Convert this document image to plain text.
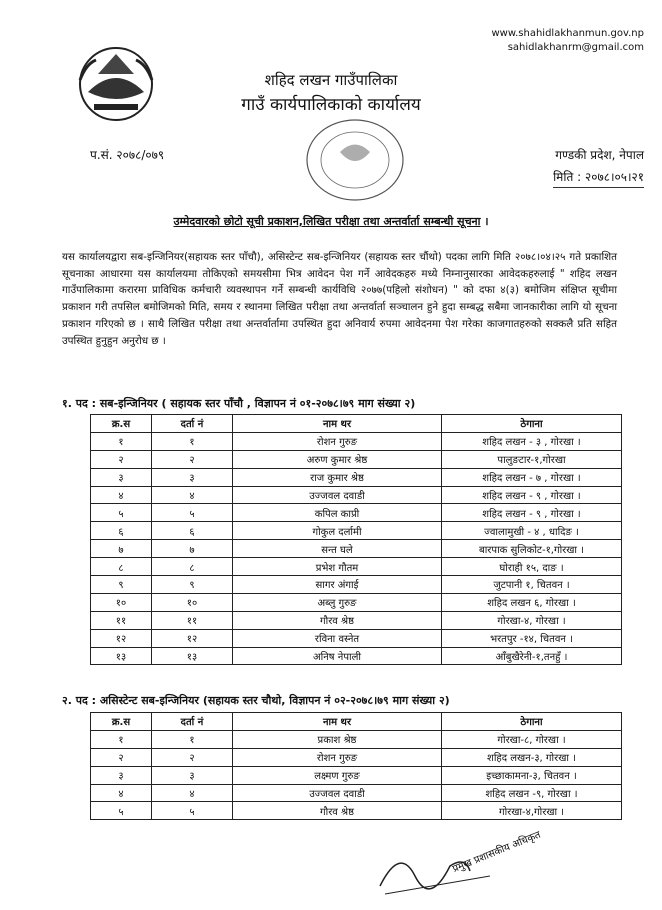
www.shahidlakhanmun.gov.np
sahidlakhanrm@gmail.com
शहिद लखन गाउँपालिका
गाउँ कार्यपालिकाको कार्यालय
प.सं. २०७८/०७९	गण्डकी प्रदेश, नेपाल
मिति : २०७८।०५।२१
उम्मेदवारको छोटो सूची प्रकाशन,लिखित परीक्षा तथा अन्तर्वार्ता सम्बन्धी सूचना ।
यस कार्यालयद्वारा सब-इन्जिनियर(सहायक स्तर पाँचौ), असिस्टेन्ट सब-इन्जिनियर (सहायक स्तर चौंथो) पदका लागि मिति २०७८।०४।२५ गते प्रकाशित सूचनाका आधारमा यस कार्यालयमा तोकिएको समयसीमा भित्र आवेदन पेश गर्ने आवेदकहरु मध्ये निम्नानुसारका आवेदकहरुलाई " शहिद लखन गाउँपालिकामा करारमा प्राविधिक कर्मचारी व्यवस्थापन गर्ने सम्बन्धी कार्यविधि २०७७(पहिलो संशोधन) " को दफा ४(३) बमोजिम संक्षिप्त सूचीमा प्रकाशन गरी तपसिल बमोजिमको मिति, समय र स्थानमा लिखित परीक्षा तथा अन्तर्वार्ता सञ्चालन हुने हुदा सम्बद्ध सबैमा जानकारीका लागि यो सूचना प्रकाशन गरिएको छ । साथै लिखित परीक्षा तथा अन्तर्वार्तामा उपस्थित हुदा अनिवार्य रुपमा आवेदनमा पेश गरेका काजगातहरुको सक्कलै प्रति सहित उपस्थित हुनुहुन अनुरोध छ ।
१. पद : सब-इन्जिनियर ( सहायक स्तर पाँचौ , विज्ञापन नं ०१-२०७८।७९ माग संख्या २)
क्र.स	दर्ता नं	नाम थर	ठेगाना
१	१	रोशन गुरुङ	शहिद लखन - ३ , गोरखा ।
२	२	अरुण कुमार श्रेष्ठ	पालुङटार-१,गोरखा
३	३	राज कुमार श्रेष्ठ	शहिद लखन - ७ , गोरखा ।
४	४	उज्जवल दवाडी	शहिद लखन - ९ , गोरखा ।
५	५	कपिल काप्री	शहिद लखन - ९ , गोरखा ।
६	६	गोकुल दर्लामी	ज्वालामुखी - ४ , धादिङ ।
७	७	सन्त घले	बारपाक सुलिकोट-१,गोरखा ।
८	८	प्रभेश गौतम	घोराही १५, दाङ ।
९	९	सागर अंगाई	जुटपानी १, चितवन ।
१०	१०	अब्लु गुरुङ	शहिद लखन ६, गोरखा ।
११	११	गौरव श्रेष्ठ	गोरखा-४, गोरखा ।
१२	१२	रविना वस्नेत	भरतपुर -१४, चितवन ।
१३	१३	अनिष नेपाली	आँबुखैरेनी-१,तनहुँ ।
२. पद : असिस्टेन्ट सब-इन्जिनियर (सहायक स्तर चौथो, विज्ञापन नं ०२-२०७८।७९ माग संख्या २)
क्र.स	दर्ता नं	नाम थर	ठेगाना
१	१	प्रकाश श्रेष्ठ	गोरखा-८, गोरखा ।
२	२	रोशन गुरुङ	शहिद लखन-३, गोरखा ।
३	३	लक्ष्मण गुरुङ	इच्छाकामना-३, चितवन ।
४	४	उज्जवल दवाडी	शहिद लखन -९, गोरखा ।
५	५	गौरव श्रेष्ठ	गोरखा-४,गोरखा ।
प्रमुख प्रशासकीय अधिकृत
